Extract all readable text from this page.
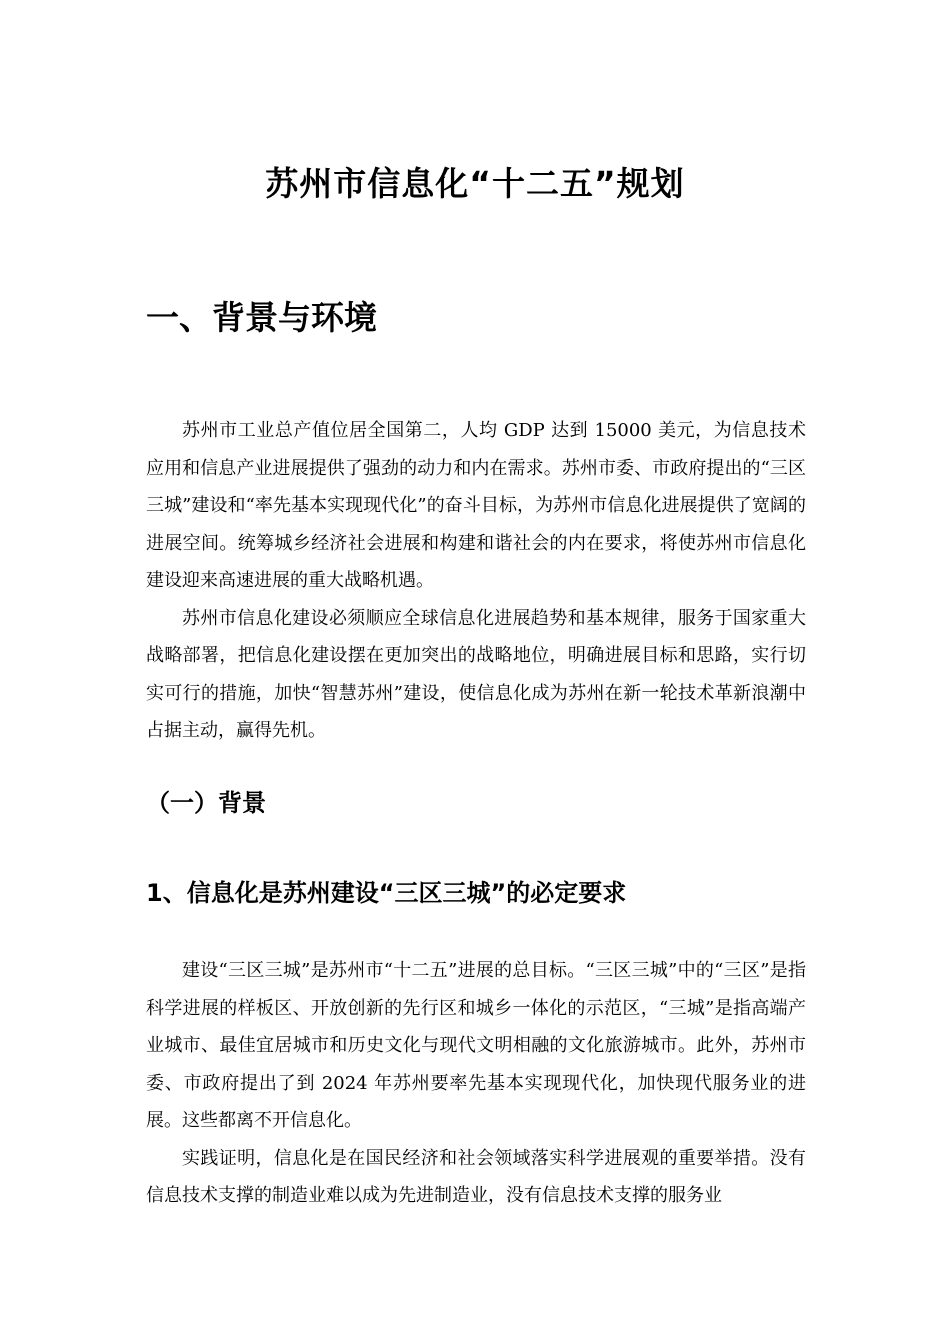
苏州市信息化“十二五”规划
一、背景与环境

苏州市工业总产值位居全国第二，人均 GDP 达到 15000 美元，为信息技术应用和信息产业进展提供了强劲的动力和内在需求。苏州市委、市政府提出的“三区三城”建设和“率先基本实现现代化”的奋斗目标，为苏州市信息化进展提供了宽阔的进展空间。统筹城乡经济社会进展和构建和谐社会的内在要求，将使苏州市信息化建设迎来高速进展的重大战略机遇。

苏州市信息化建设必须顺应全球信息化进展趋势和基本规律，服务于国家重大战略部署，把信息化建设摆在更加突出的战略地位，明确进展目标和思路，实行切实可行的措施，加快“智慧苏州”建设，使信息化成为苏州在新一轮技术革新浪潮中占据主动，赢得先机。

（一）背景
1、信息化是苏州建设“三区三城”的必定要求

建设“三区三城”是苏州市“十二五”进展的总目标。“三区三城”中的“三区”是指科学进展的样板区、开放创新的先行区和城乡一体化的示范区，“三城”是指高端产业城市、最佳宜居城市和历史文化与现代文明相融的文化旅游城市。此外，苏州市委、市政府提出了到 2024 年苏州要率先基本实现现代化，加快现代服务业的进展。这些都离不开信息化。

实践证明，信息化是在国民经济和社会领域落实科学进展观的重要举措。没有信息技术支撑的制造业难以成为先进制造业，没有信息技术支撑的服务业
